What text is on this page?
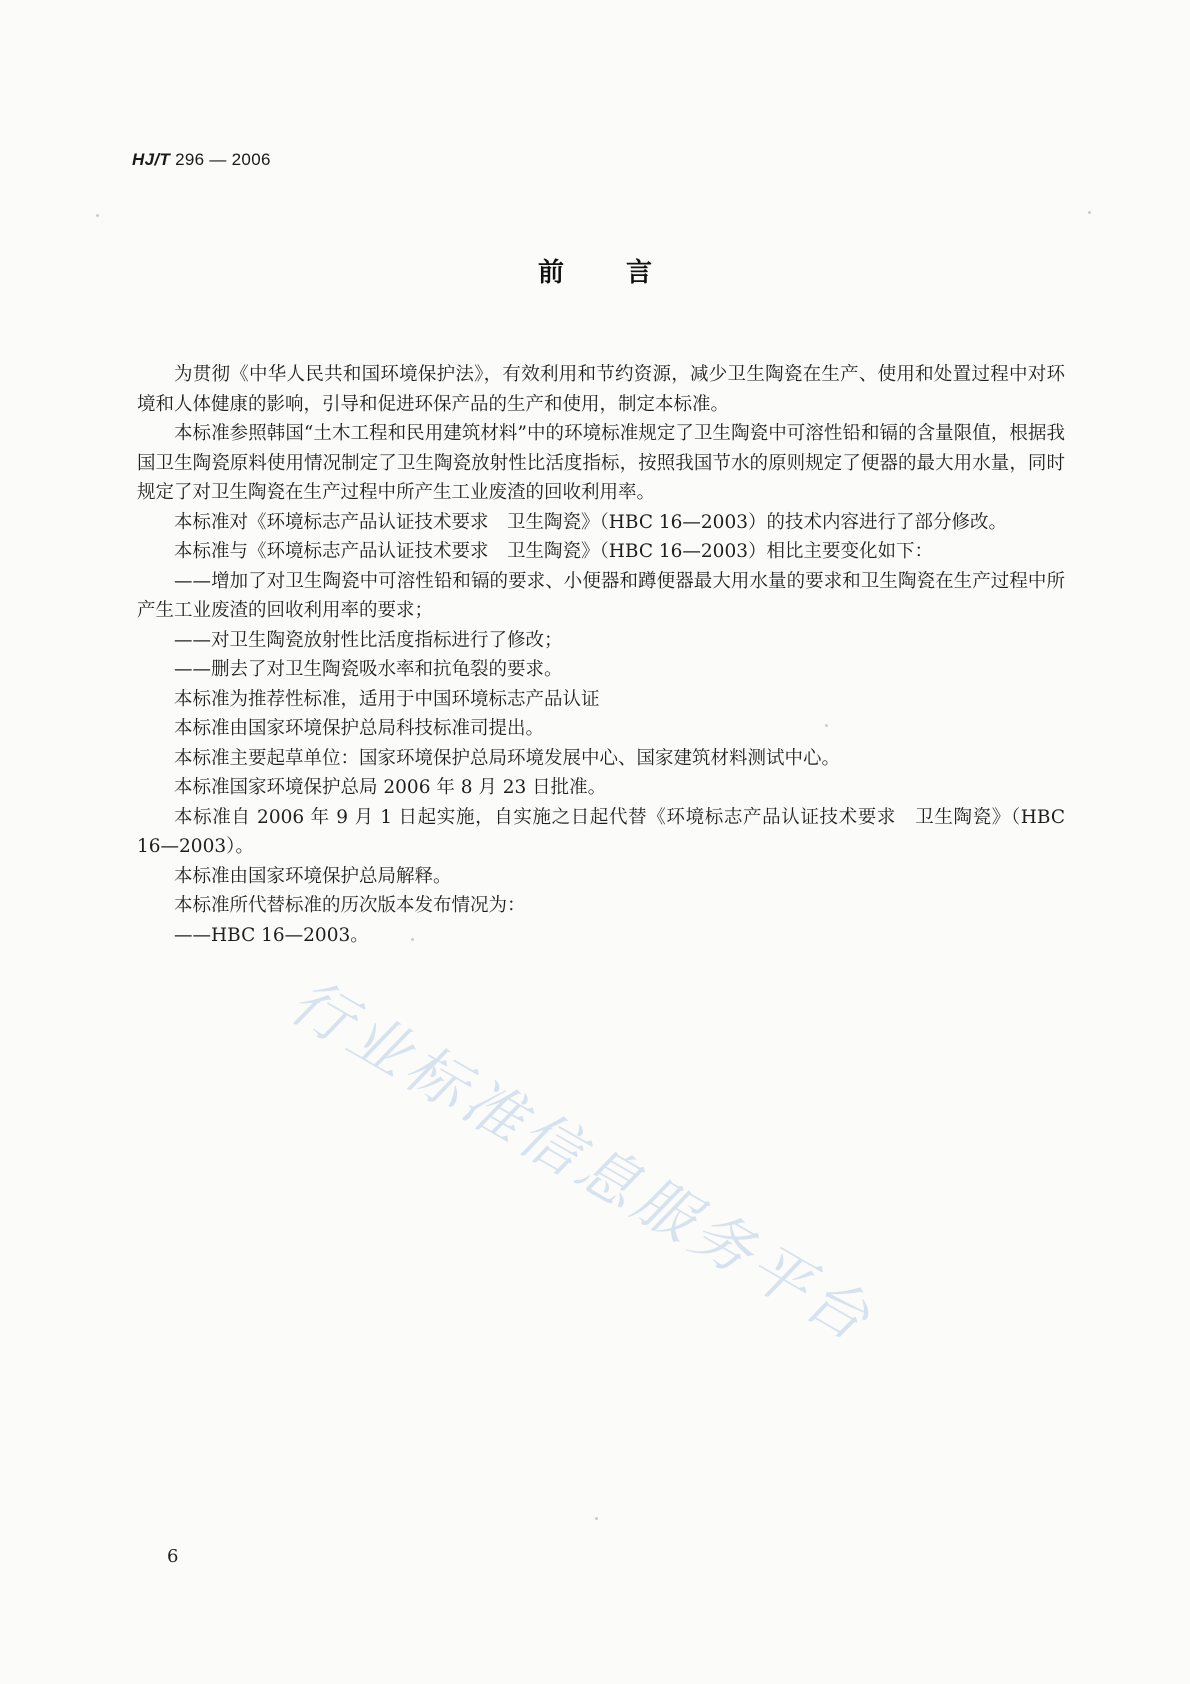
HJ/T 296 — 2006
前言

为贯彻《中华人民共和国环境保护法》，有效利用和节约资源，减少卫生陶瓷在生产、使用和处置过程中对环境和人体健康的影响，引导和促进环保产品的生产和使用，制定本标准。

本标准参照韩国“土木工程和民用建筑材料”中的环境标准规定了卫生陶瓷中可溶性铅和镉的含量限值，根据我国卫生陶瓷原料使用情况制定了卫生陶瓷放射性比活度指标，按照我国节水的原则规定了便器的最大用水量，同时规定了对卫生陶瓷在生产过程中所产生工业废渣的回收利用率。

本标准对《环境标志产品认证技术要求　卫生陶瓷》（HBC 16—2003）的技术内容进行了部分修改。

本标准与《环境标志产品认证技术要求　卫生陶瓷》（HBC 16—2003）相比主要变化如下：

——增加了对卫生陶瓷中可溶性铅和镉的要求、小便器和蹲便器最大用水量的要求和卫生陶瓷在生产过程中所产生工业废渣的回收利用率的要求；

——对卫生陶瓷放射性比活度指标进行了修改；

——删去了对卫生陶瓷吸水率和抗龟裂的要求。

本标准为推荐性标准，适用于中国环境标志产品认证

本标准由国家环境保护总局科技标准司提出。

本标准主要起草单位：国家环境保护总局环境发展中心、国家建筑材料测试中心。

本标准国家环境保护总局 2006 年 8 月 23 日批准。

本标准自 2006 年 9 月 1 日起实施，自实施之日起代替《环境标志产品认证技术要求　卫生陶瓷》（HBC 16—2003）。

本标准由国家环境保护总局解释。

本标准所代替标准的历次版本发布情况为：

——HBC 16—2003。

行业标准信息服务平台
6
